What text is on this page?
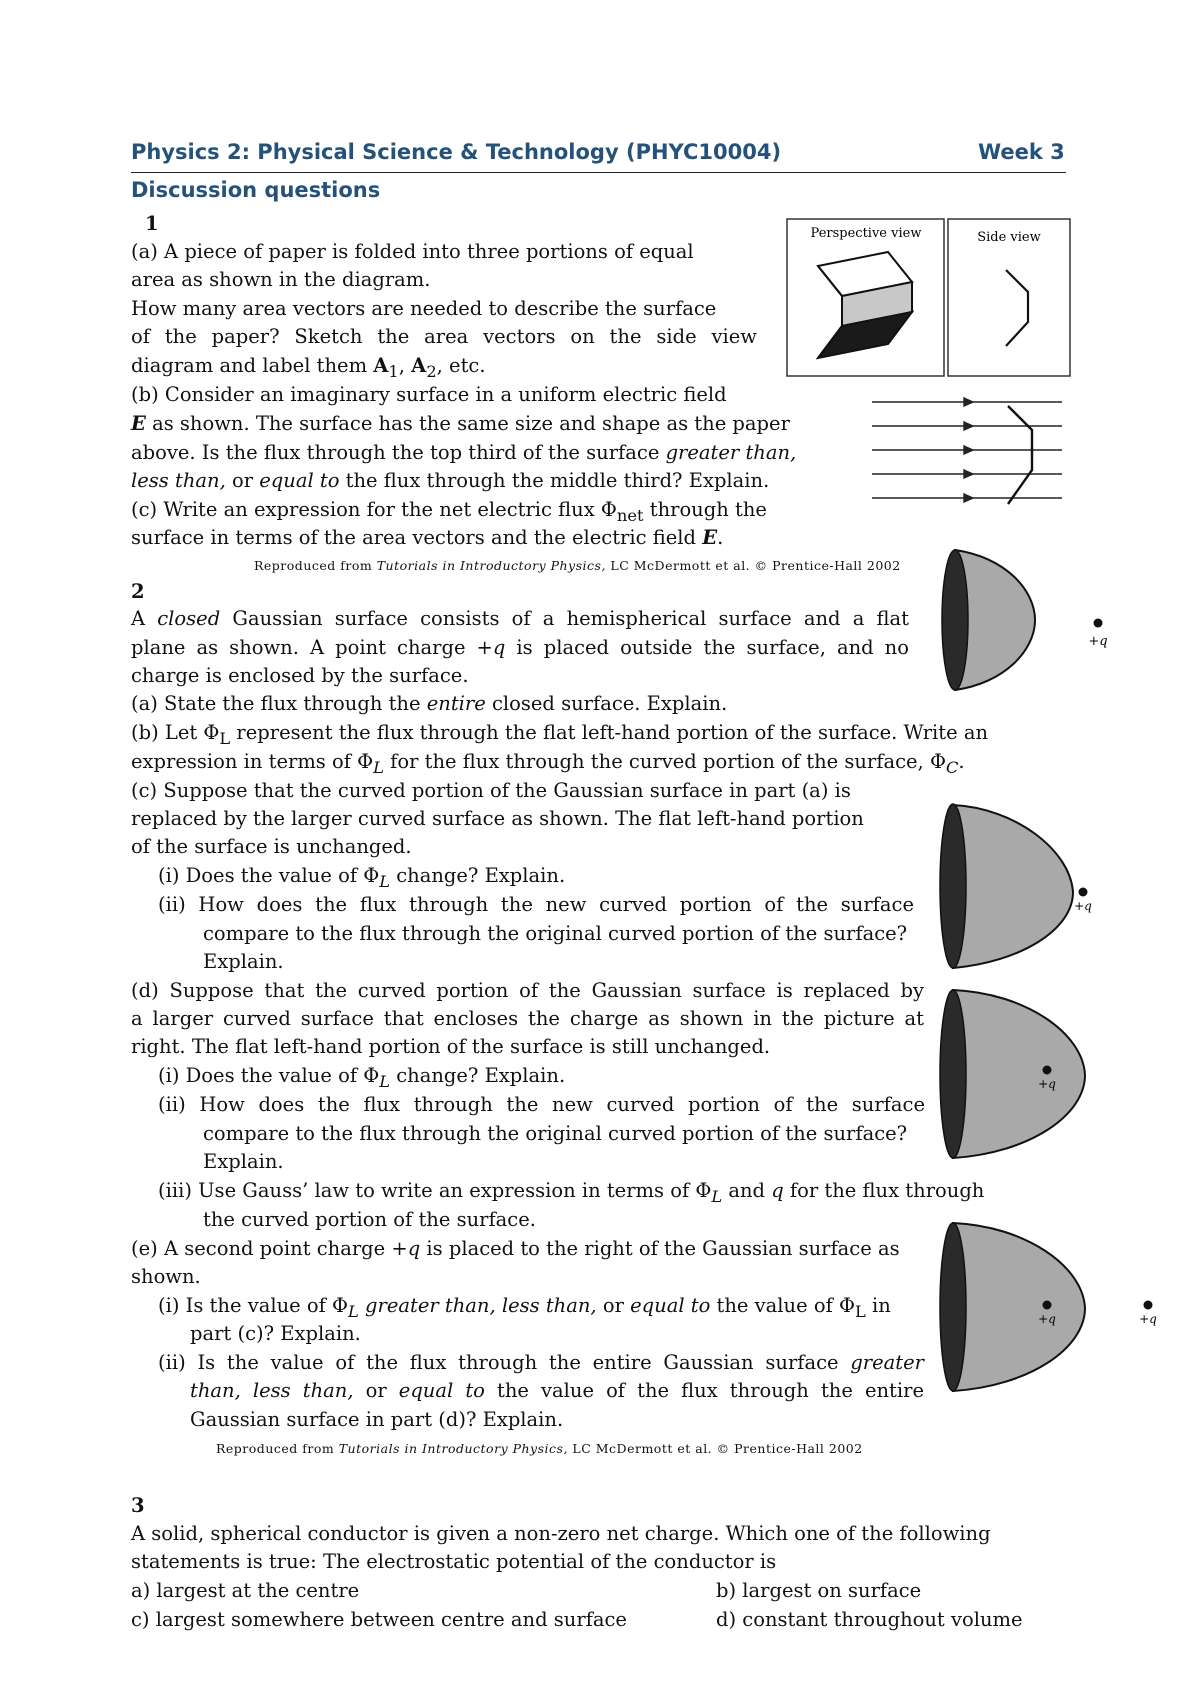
Physics 2: Physical Science & Technology (PHYC10004)	Week 3
Discussion questions
1
(a) A piece of paper is folded into three portions of equal
area as shown in the diagram.
How many area vectors are needed to describe the surface
of the paper? Sketch the area vectors on the side view
diagram and label them $A_1$, $A_2$, etc.
(b) Consider an imaginary surface in a uniform electric field
E as shown. The surface has the same size and shape as the paper
above. Is the flux through the top third of the surface greater than,
less than, or equal to the flux through the middle third? Explain.
(c) Write an expression for the net electric flux $\Phi_{net}$ through the
surface in terms of the area vectors and the electric field E.
Perspective view	Side view
Reproduced from Tutorials in Introductory Physics, LC McDermott et al. © Prentice-Hall 2002
2
A closed Gaussian surface consists of a hemispherical surface and a flat
plane as shown. A point charge +q is placed outside the surface, and no
charge is enclosed by the surface.
(a) State the flux through the entire closed surface. Explain.
(b) Let $\Phi_L$ represent the flux through the flat left-hand portion of the surface. Write an
expression in terms of $\Phi_L$ for the flux through the curved portion of the surface, $\Phi_C$.
(c) Suppose that the curved portion of the Gaussian surface in part (a) is
replaced by the larger curved surface as shown. The flat left-hand portion
of the surface is unchanged.
(i) Does the value of $\Phi_L$ change? Explain.
(ii) How does the flux through the new curved portion of the surface
compare to the flux through the original curved portion of the surface?
Explain.
(d) Suppose that the curved portion of the Gaussian surface is replaced by
a larger curved surface that encloses the charge as shown in the picture at
right. The flat left-hand portion of the surface is still unchanged.
(i) Does the value of $\Phi_L$ change? Explain.
(ii) How does the flux through the new curved portion of the surface
compare to the flux through the original curved portion of the surface?
Explain.
(iii) Use Gauss’ law to write an expression in terms of $\Phi_L$ and q for the flux through
the curved portion of the surface.
(e) A second point charge +q is placed to the right of the Gaussian surface as
shown.
(i) Is the value of $\Phi_L$ greater than, less than, or equal to the value of $\Phi_L$ in
part (c)? Explain.
(ii) Is the value of the flux through the entire Gaussian surface greater
than, less than, or equal to the value of the flux through the entire
Gaussian surface in part (d)? Explain.
+q
+q
+q
+q	+q
Reproduced from Tutorials in Introductory Physics, LC McDermott et al. © Prentice-Hall 2002
3
A solid, spherical conductor is given a non-zero net charge. Which one of the following
statements is true: The electrostatic potential of the conductor is
a) largest at the centre	b) largest on surface
c) largest somewhere between centre and surface	d) constant throughout volume
